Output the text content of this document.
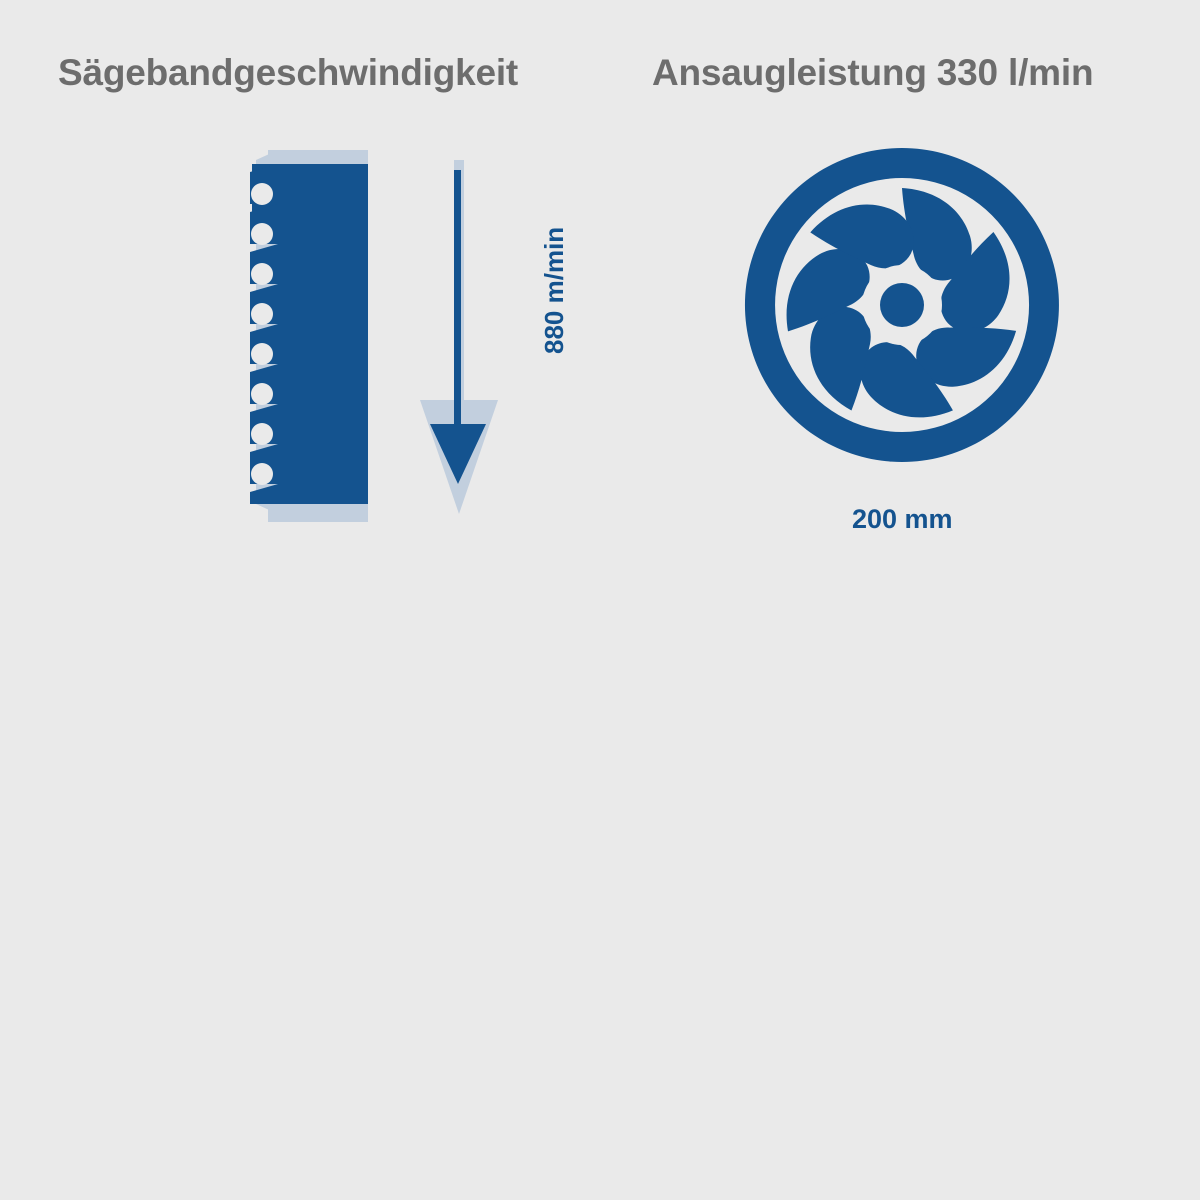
Sägebandgeschwindigkeit
880 m/min
Ansaugleistung 330 l/min
200 mm
